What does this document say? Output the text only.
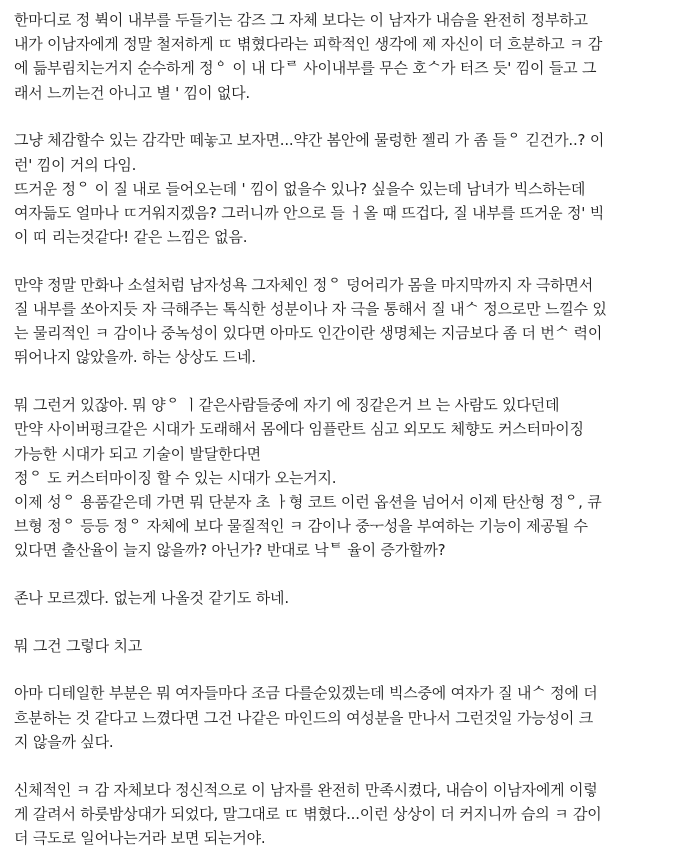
한마디로 정 뷕이 내부를 두들기는 감즈 그 자체 보다는 이 남자가 내슴을 완전히 정부하고
내가 이남자에게 정말 철저하게 ㄸ 벾혔다라는 피학적인 생각에 제 자신이 더 흐분하고 ㅋ 감
에 듦부림치는거지 순수하게 정ᅌ 이 내 다ᄅ 사이내부를 무슨 호ᄉ가 터즈 듯' 낌이 들고 그
래서 느끼는건 아니고 별 ' 낌이 없다.
그냥 체감할수 있는 감각만 떼놓고 보자면...약간 봄안에 물렁한 젤리 가 좀 들ᄋ 긷건가..? 이
런' 낌이 거의 다임.
뜨거운 정ᄋ 이 질 내로 들어오는데 ' 낌이 없을수 있나? 싶을수 있는데 남녀가 빅스하는데
여자듦도 얼마나 ㄸ거워지겠음? 그러니까 안으로 들 ㅓ올 때 뜨겁다, 질 내부를 뜨거운 정' 빅
이 띠 리는것같다! 같은 느낌은 없음.
만약 정말 만화나 소설처럼 남자성욕 그자체인 정ᄋ 덩어리가 몸을 마지막까지 자 극하면서
질 내부를 쏘아지듯 자 극해주는 톡식한 성분이나 자 극을 통해서 질 내ᄉ 정으로만 느낄수 있
는 물리적인 ㅋ 감이나 중녹성이 있다면 아마도 인간이란 생명체는 지금보다 좀 더 번ᄉ 력이
뛰어나지 않았을까. 하는 상상도 드네.
뭐 그런거 있잖아. 뭐 양ᄋ ㅣ같은사람들중에 자기 에 징같은거 브 는 사람도 있다던데
만약 사이버펑크같은 시대가 도래해서 몸에다 임플란트 심고 외모도 체향도 커스터마이징
가능한 시대가 되고 기술이 발달한다면
정ᄋ 도 커스터마이징 할 수 있는 시대가 오는거지.
이제 성ᄋ 용품같은데 가면 뭐 단분자 초 ㅏ형 코트 이런 옵션을 넘어서 이제 탄산형 정ᄋ, 큐
브형 정ᄋ 등등 정ᄋ 자체에 보다 물질적인 ㅋ 감이나 중ᅮ성을 부여하는 기능이 제공될 수
있다면 출산율이 늘지 않을까? 아닌가? 반대로 낙ᄐ 율이 증가할까?
존나 모르겠다. 없는게 나올것 같기도 하네.
뭐 그건 그렇다 치고
아마 디테일한 부분은 뭐 여자들마다 조금 다를순있겠는데 빅스중에 여자가 질 내ᄉ 정에 더
흐분하는 것 같다고 느꼈다면 그건 나같은 마인드의 여성분을 만나서 그런것일 가능성이 크
지 않을까 싶다.
신체적인 ㅋ 감 자체보다 정신적으로 이 남자를 완전히 만족시켰다, 내슴이 이남자에게 이렇
게 갈려서 하룻밤상대가 되었다, 말그대로 ㄸ 벾혔다...이런 상상이 더 커지니까 슴의 ㅋ 감이
더 극도로 일어나는거라 보면 되는거야.
